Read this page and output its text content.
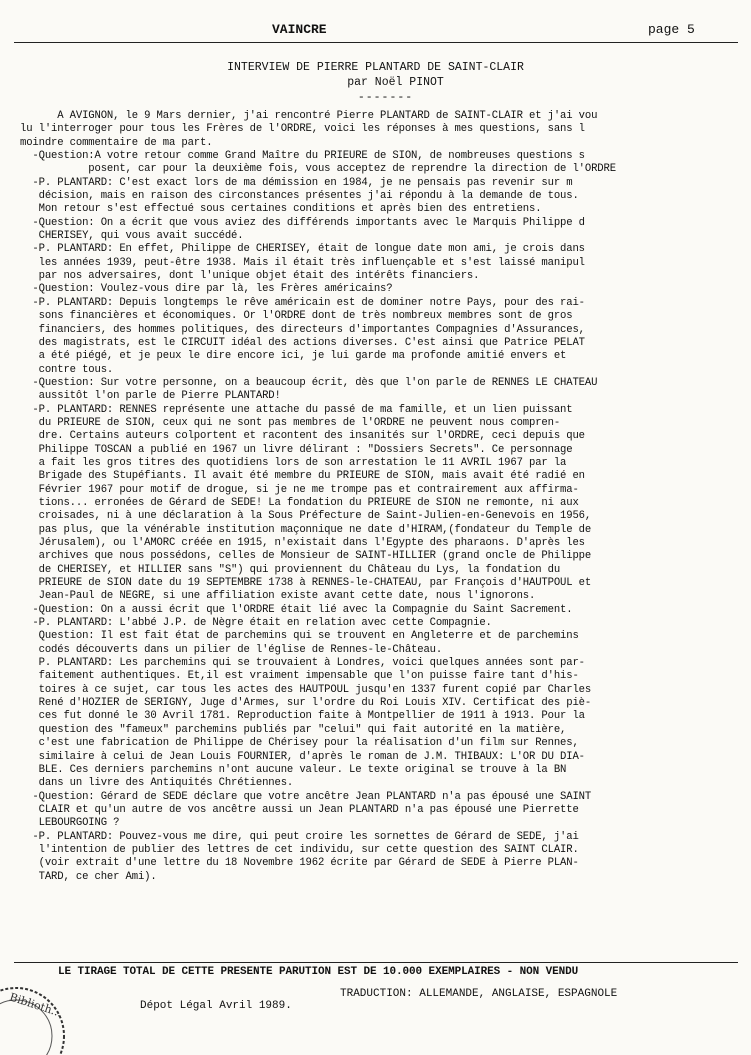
VAINCRE	page 5
INTERVIEW DE PIERRE PLANTARD DE SAINT-CLAIR
par Noël PINOT
-------
A AVIGNON, le 9 Mars dernier, j'ai rencontré Pierre PLANTARD de SAINT-CLAIR et j'ai vou
lu l'interroger pour tous les Frères de l'ORDRE, voici les réponses à mes questions, sans l
moindre commentaire de ma part.
-Question:A votre retour comme Grand Maître du PRIEURE de SION, de nombreuses questions s
posent, car pour la deuxième fois, vous acceptez de reprendre la direction de l'ORDRE
-P. PLANTARD: C'est exact lors de ma démission en 1984, je ne pensais pas revenir sur m
décision, mais en raison des circonstances présentes j'ai répondu à la demande de tous.
Mon retour s'est effectué sous certaines conditions et après bien des entretiens.
-Question: On a écrit que vous aviez des différends importants avec le Marquis Philippe d
CHERISEY, qui vous avait succédé.
-P. PLANTARD: En effet, Philippe de CHERISEY, était de longue date mon ami, je crois dans
les années 1939, peut-être 1938. Mais il était très influençable et s'est laissé manipul
par nos adversaires, dont l'unique objet était des intérêts financiers.
-Question: Voulez-vous dire par là, les Frères américains?
-P. PLANTARD: Depuis longtemps le rêve américain est de dominer notre Pays, pour des rai-
sons financières et économiques. Or l'ORDRE dont de très nombreux membres sont de gros
financiers, des hommes politiques, des directeurs d'importantes Compagnies d'Assurances,
des magistrats, est le CIRCUIT idéal des actions diverses. C'est ainsi que Patrice PELAT
a été piégé, et je peux le dire encore ici, je lui garde ma profonde amitié envers et
contre tous.
-Question: Sur votre personne, on a beaucoup écrit, dès que l'on parle de RENNES LE CHATEAU
aussitôt l'on parle de Pierre PLANTARD!
-P. PLANTARD: RENNES représente une attache du passé de ma famille, et un lien puissant
du PRIEURE de SION, ceux qui ne sont pas membres de l'ORDRE ne peuvent nous compren-
dre. Certains auteurs colportent et racontent des insanités sur l'ORDRE, ceci depuis que
Philippe TOSCAN a publié en 1967 un livre délirant : "Dossiers Secrets". Ce personnage
a fait les gros titres des quotidiens lors de son arrestation le 11 AVRIL 1967 par la
Brigade des Stupéfiants. Il avait été membre du PRIEURE de SION, mais avait été radié en
Février 1967 pour motif de drogue, si je ne me trompe pas et contrairement aux affirma-
tions... erronées de Gérard de SEDE! La fondation du PRIEURE de SION ne remonte, ni aux
croisades, ni à une déclaration à la Sous Préfecture de Saint-Julien-en-Genevois en 1956,
pas plus, que la vénérable institution maçonnique ne date d'HIRAM,(fondateur du Temple de
Jérusalem), ou l'AMORC créée en 1915, n'existait dans l'Egypte des pharaons. D'après les
archives que nous possédons, celles de Monsieur de SAINT-HILLIER (grand oncle de Philippe
de CHERISEY, et HILLIER sans "S") qui proviennent du Château du Lys, la fondation du
PRIEURE de SION date du 19 SEPTEMBRE 1738 à RENNES-le-CHATEAU, par François d'HAUTPOUL et
Jean-Paul de NEGRE, si une affiliation existe avant cette date, nous l'ignorons.
-Question: On a aussi écrit que l'ORDRE était lié avec la Compagnie du Saint Sacrement.
-P. PLANTARD: L'abbé J.P. de Nègre était en relation avec cette Compagnie.
Question: Il est fait état de parchemins qui se trouvent en Angleterre et de parchemins
codés découverts dans un pilier de l'église de Rennes-le-Château.
P. PLANTARD: Les parchemins qui se trouvaient à Londres, voici quelques années sont par-
faitement authentiques. Et,il est vraiment impensable que l'on puisse faire tant d'his-
toires à ce sujet, car tous les actes des HAUTPOUL jusqu'en 1337 furent copié par Charles
René d'HOZIER de SERIGNY, Juge d'Armes, sur l'ordre du Roi Louis XIV. Certificat des piè-
ces fut donné le 30 Avril 1781. Reproduction faite à Montpellier de 1911 à 1913. Pour la
question des "fameux" parchemins publiés par "celui" qui fait autorité en la matière,
c'est une fabrication de Philippe de Chérisey pour la réalisation d'un film sur Rennes,
similaire à celui de Jean Louis FOURNIER, d'après le roman de J.M. THIBAUX: L'OR DU DIA-
BLE. Ces derniers parchemins n'ont aucune valeur. Le texte original se trouve à la BN
dans un livre des Antiquités Chrétiennes.
-Question: Gérard de SEDE déclare que votre ancêtre Jean PLANTARD n'a pas épousé une SAINT
CLAIR et qu'un autre de vos ancêtre aussi un Jean PLANTARD n'a pas épousé une Pierrette
LEBOURGOING ?
-P. PLANTARD: Pouvez-vous me dire, qui peut croire les sornettes de Gérard de SEDE, j'ai
l'intention de publier des lettres de cet individu, sur cette question des SAINT CLAIR.
(voir extrait d'une lettre du 18 Novembre 1962 écrite par Gérard de SEDE à Pierre PLAN-
TARD, ce cher Ami).
LE TIRAGE TOTAL DE CETTE PRESENTE PARUTION EST DE 10.000 EXEMPLAIRES - NON VENDU
TRADUCTION: ALLEMANDE, ANGLAISE, ESPAGNOLE
Dépot Légal Avril 1989.
Biblioth...
